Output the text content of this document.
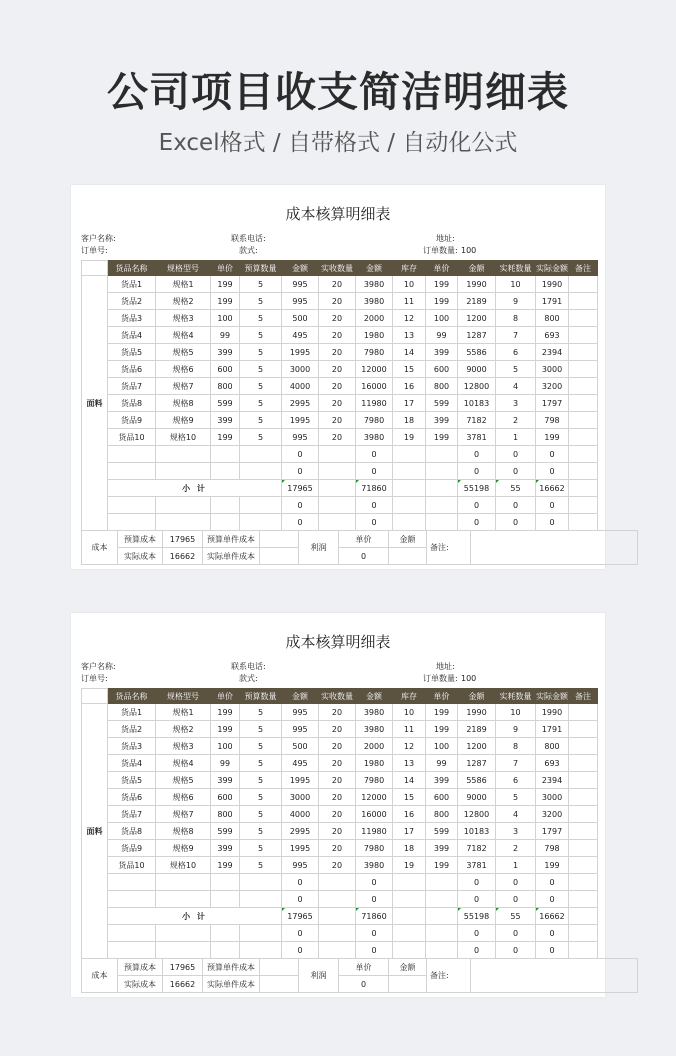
公司项目收支简洁明细表
Excel格式 / 自带格式 / 自动化公式
成本核算明细表
客户名称:	联系电话:	地址:
订单号:	款式:	订单数量: 100
	货品名称	规格型号	单价	预算数量	金额	实收数量	金额	库存	单价	金额	实耗数量	实际金额	备注
面料	货品1	规格1	199	5	995	20	3980	10	199	1990	10	1990	
	货品2	规格2	199	5	995	20	3980	11	199	2189	9	1791	
	货品3	规格3	100	5	500	20	2000	12	100	1200	8	800	
	货品4	规格4	99	5	495	20	1980	13	99	1287	7	693	
	货品5	规格5	399	5	1995	20	7980	14	399	5586	6	2394	
	货品6	规格6	600	5	3000	20	12000	15	600	9000	5	3000	
	货品7	规格7	800	5	4000	20	16000	16	800	12800	4	3200	
	货品8	规格8	599	5	2995	20	11980	17	599	10183	3	1797	
	货品9	规格9	399	5	1995	20	7980	18	399	7182	2	798	
	货品10	规格10	199	5	995	20	3980	19	199	3781	1	199	
					0		0			0	0	0	
					0		0			0	0	0	
	小 计				17965		71860			55198	55	16662	
					0		0			0	0	0	
					0		0			0	0	0	
成本	预算成本	17965	预算单件成本		利润	单价	金额	备注:	
	实际成本	16662	实际单件成本			0			
成本核算明细表
客户名称:	联系电话:	地址:
订单号:	款式:	订单数量: 100
	货品名称	规格型号	单价	预算数量	金额	实收数量	金额	库存	单价	金额	实耗数量	实际金额	备注
面料	货品1	规格1	199	5	995	20	3980	10	199	1990	10	1990	
	货品2	规格2	199	5	995	20	3980	11	199	2189	9	1791	
	货品3	规格3	100	5	500	20	2000	12	100	1200	8	800	
	货品4	规格4	99	5	495	20	1980	13	99	1287	7	693	
	货品5	规格5	399	5	1995	20	7980	14	399	5586	6	2394	
	货品6	规格6	600	5	3000	20	12000	15	600	9000	5	3000	
	货品7	规格7	800	5	4000	20	16000	16	800	12800	4	3200	
	货品8	规格8	599	5	2995	20	11980	17	599	10183	3	1797	
	货品9	规格9	399	5	1995	20	7980	18	399	7182	2	798	
	货品10	规格10	199	5	995	20	3980	19	199	3781	1	199	
					0		0			0	0	0	
					0		0			0	0	0	
	小 计				17965		71860			55198	55	16662	
					0		0			0	0	0	
					0		0			0	0	0	
成本	预算成本	17965	预算单件成本		利润	单价	金额	备注:	
	实际成本	16662	实际单件成本			0			
